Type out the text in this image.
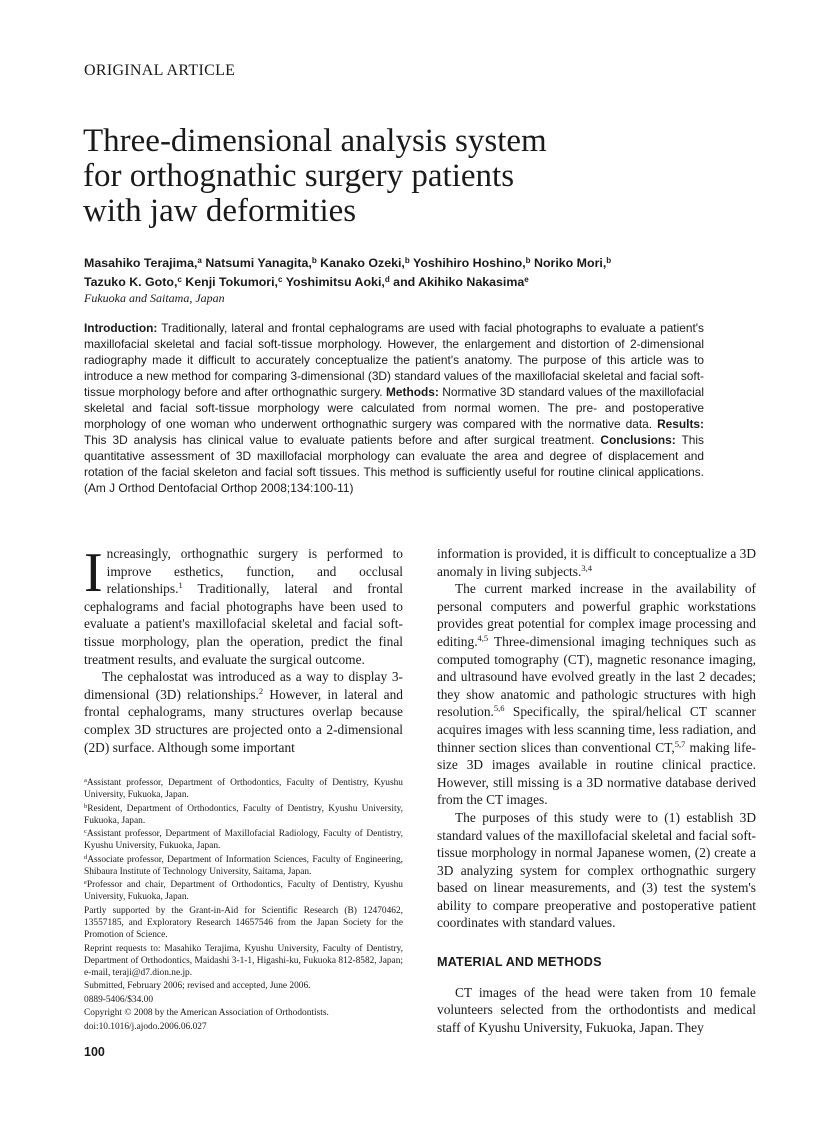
ORIGINAL ARTICLE
Three-dimensional analysis system
for orthognathic surgery patients
with jaw deformities
Masahiko Terajima,$^a$ Natsumi Yanagita,$^b$ Kanako Ozeki,$^b$ Yoshihiro Hoshino,$^b$ Noriko Mori,$^b$
Tazuko K. Goto,$^c$ Kenji Tokumori,$^c$ Yoshimitsu Aoki,$^d$ and Akihiko Nakasima$^e$
Fukuoka and Saitama, Japan

Introduction: Traditionally, lateral and frontal cephalograms are used with facial photographs to evaluate a patient's maxillofacial skeletal and facial soft-tissue morphology. However, the enlargement and distortion of 2-dimensional radiography made it difficult to accurately conceptualize the patient's anatomy. The purpose of this article was to introduce a new method for comparing 3-dimensional (3D) standard values of the maxillofacial skeletal and facial soft-tissue morphology before and after orthognathic surgery. Methods: Normative 3D standard values of the maxillofacial skeletal and facial soft-tissue morphology were calculated from normal women. The pre- and postoperative morphology of one woman who underwent orthognathic surgery was compared with the normative data. Results: This 3D analysis has clinical value to evaluate patients before and after surgical treatment. Conclusions: This quantitative assessment of 3D maxillofacial morphology can evaluate the area and degree of displacement and rotation of the facial skeleton and facial soft tissues. This method is sufficiently useful for routine clinical applications. (Am J Orthod Dentofacial Orthop 2008;134:100-11)

Increasingly, orthognathic surgery is performed to improve esthetics, function, and occlusal relationships.$^1$ Traditionally, lateral and frontal cephalograms and facial photographs have been used to evaluate a patient's maxillofacial skeletal and facial soft-tissue morphology, plan the operation, predict the final treatment results, and evaluate the surgical outcome.

The cephalostat was introduced as a way to display 3-dimensional (3D) relationships.$^2$ However, in lateral and frontal cephalograms, many structures overlap because complex 3D structures are projected onto a 2-dimensional (2D) surface. Although some important

$^a$Assistant professor, Department of Orthodontics, Faculty of Dentistry, Kyushu University, Fukuoka, Japan.

$^b$Resident, Department of Orthodontics, Faculty of Dentistry, Kyushu University, Fukuoka, Japan.

$^c$Assistant professor, Department of Maxillofacial Radiology, Faculty of Dentistry, Kyushu University, Fukuoka, Japan.

$^d$Associate professor, Department of Information Sciences, Faculty of Engineering, Shibaura Institute of Technology University, Saitama, Japan.

$^e$Professor and chair, Department of Orthodontics, Faculty of Dentistry, Kyushu University, Fukuoka, Japan.

Partly supported by the Grant-in-Aid for Scientific Research (B) 12470462, 13557185, and Exploratory Research 14657546 from the Japan Society for the Promotion of Science.

Reprint requests to: Masahiko Terajima, Kyushu University, Faculty of Dentistry, Department of Orthodontics, Maidashi 3-1-1, Higashi-ku, Fukuoka 812-8582, Japan; e-mail, teraji@d7.dion.ne.jp.

Submitted, February 2006; revised and accepted, June 2006.

0889-5406/$34.00

Copyright © 2008 by the American Association of Orthodontists.

doi:10.1016/j.ajodo.2006.06.027

information is provided, it is difficult to conceptualize a 3D anomaly in living subjects.$^{3,4}$

The current marked increase in the availability of personal computers and powerful graphic workstations provides great potential for complex image processing and editing.$^{4,5}$ Three-dimensional imaging techniques such as computed tomography (CT), magnetic resonance imaging, and ultrasound have evolved greatly in the last 2 decades; they show anatomic and pathologic structures with high resolution.$^{5,6}$ Specifically, the spiral/helical CT scanner acquires images with less scanning time, less radiation, and thinner section slices than conventional CT,$^{5,7}$ making life-size 3D images available in routine clinical practice. However, still missing is a 3D normative database derived from the CT images.

The purposes of this study were to (1) establish 3D standard values of the maxillofacial skeletal and facial soft-tissue morphology in normal Japanese women, (2) create a 3D analyzing system for complex orthognathic surgery based on linear measurements, and (3) test the system's ability to compare preoperative and postoperative patient coordinates with standard values.

MATERIAL AND METHODS

CT images of the head were taken from 10 female volunteers selected from the orthodontists and medical staff of Kyushu University, Fukuoka, Japan. They

100
